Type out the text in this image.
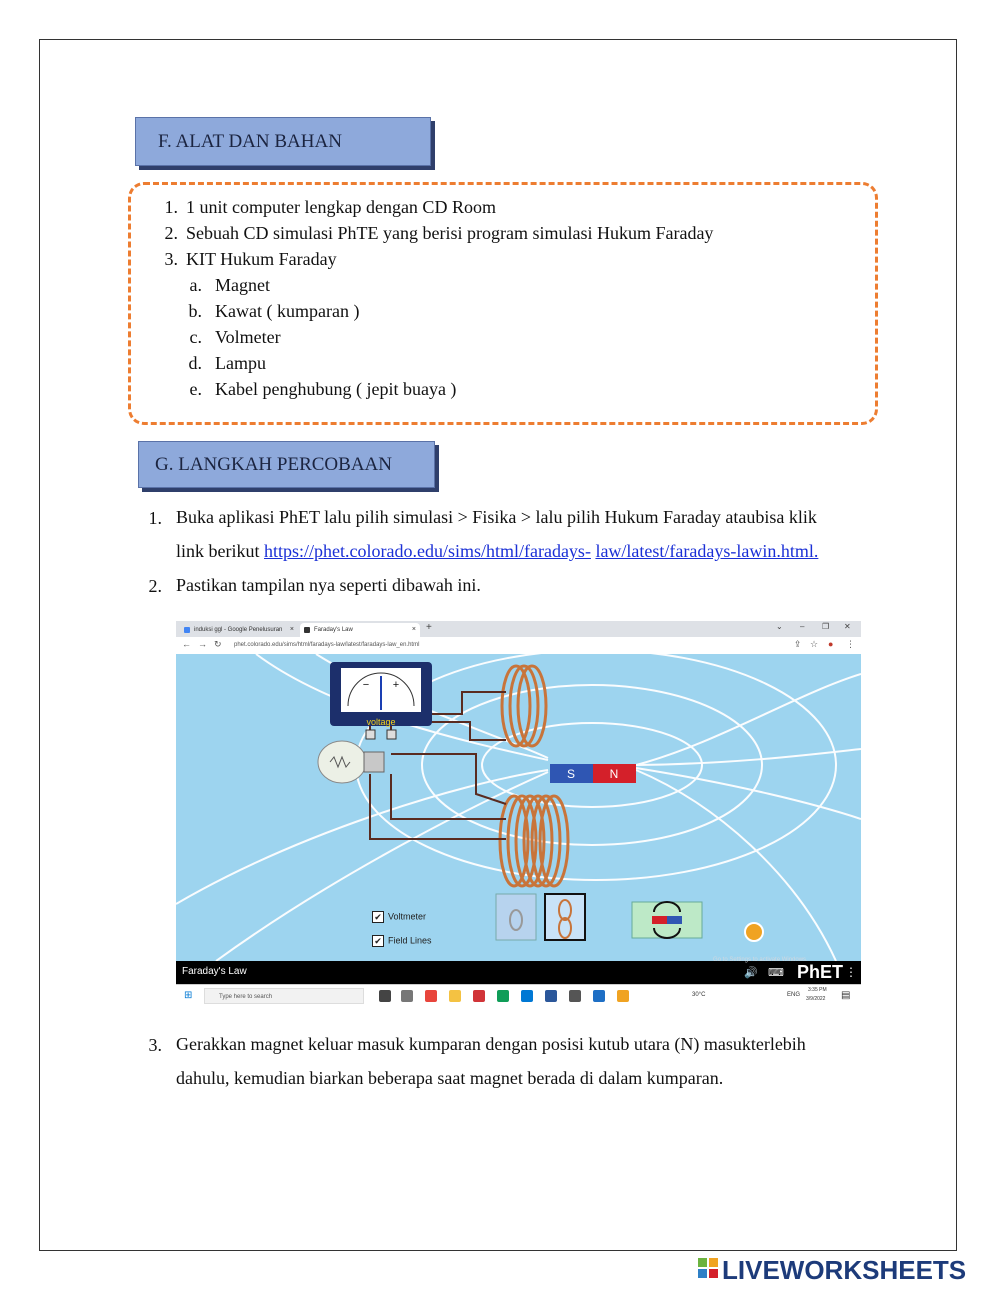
F. ALAT DAN BAHAN
1. 1 unit computer lengkap dengan CD Room
2. Sebuah CD simulasi PhTE yang berisi program simulasi Hukum Faraday
3. KIT Hukum Faraday
a. Magnet
b. Kawat ( kumparan )
c. Volmeter
d. Lampu
e. Kabel penghubung ( jepit buaya )
G. LANGKAH PERCOBAAN
1. Buka aplikasi PhET lalu pilih simulasi > Fisika > lalu pilih Hukum Faraday ataubisa klik
link berikut https://phet.colorado.edu/sims/html/faradays- law/latest/faradays-lawin.html.
2. Pastikan tampilan nya seperti dibawah ini.
induksi ggl - Google Penelusuran ×	Faraday's Law	× +	⌄ – ❐ ✕
← → ↻ phet.colorado.edu/sims/html/faradays-law/latest/faradays-law_en.html	⇪ ☆ ● ⋮
S	N
− +
voltage
✔ Voltmeter
✔ Field Lines
Faraday's Law
Go to Settings to activate Windows.
🔊 ⌨ PhET ⋮
⊞	Type here to search	30°C	ENG
3:35 PM
3/9/2022 ▤
3. Gerakkan magnet keluar masuk kumparan dengan posisi kutub utara (N) masukterlebih
dahulu, kemudian biarkan beberapa saat magnet berada di dalam kumparan.
LIVEWORKSHEETS
